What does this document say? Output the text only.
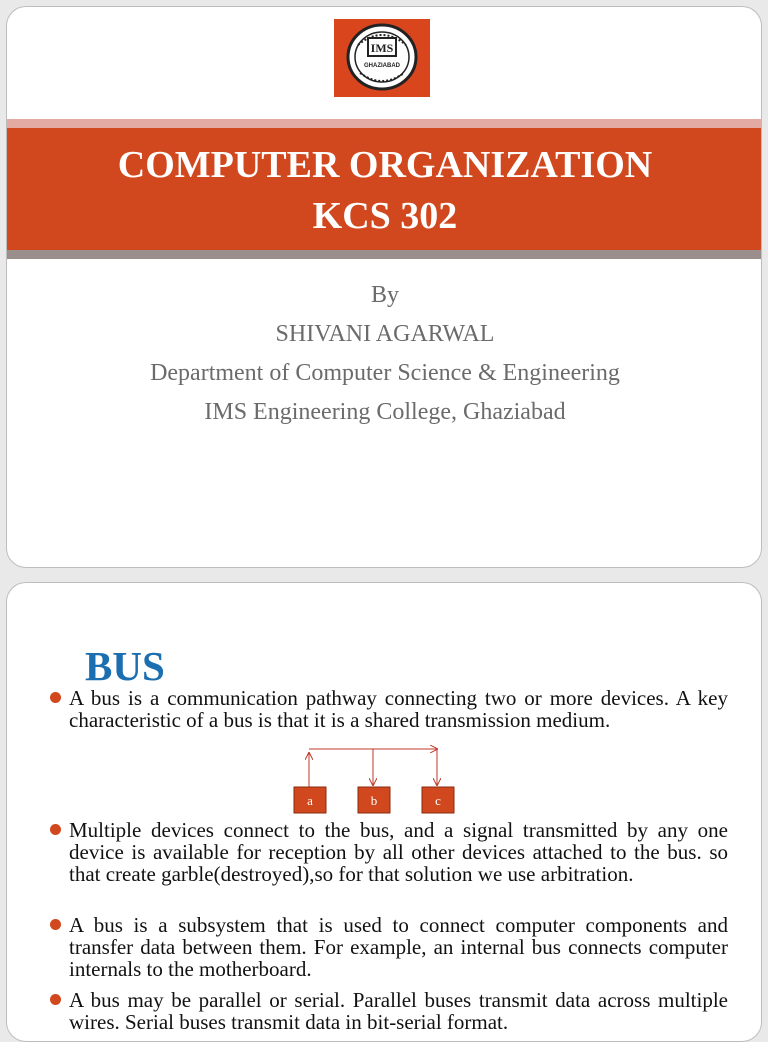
IMS
GHAZIABAD
COMPUTER ORGANIZATION
KCS 302
By
SHIVANI AGARWAL
Department of Computer Science & Engineering
IMS Engineering College, Ghaziabad
BUS
A bus is a communication pathway connecting two or more devices. A key characteristic of a bus is that it is a shared transmission medium.
a	b	c
Multiple devices connect to the bus, and a signal transmitted by any one device is available for reception by all other devices attached to the bus. so that create garble(destroyed),so for that solution we use arbitration.
A bus is a subsystem that is used to connect computer components and transfer data between them. For example, an internal bus connects computer internals to the motherboard.
A bus may be parallel or serial. Parallel buses transmit data across multiple wires. Serial buses transmit data in bit-serial format.
